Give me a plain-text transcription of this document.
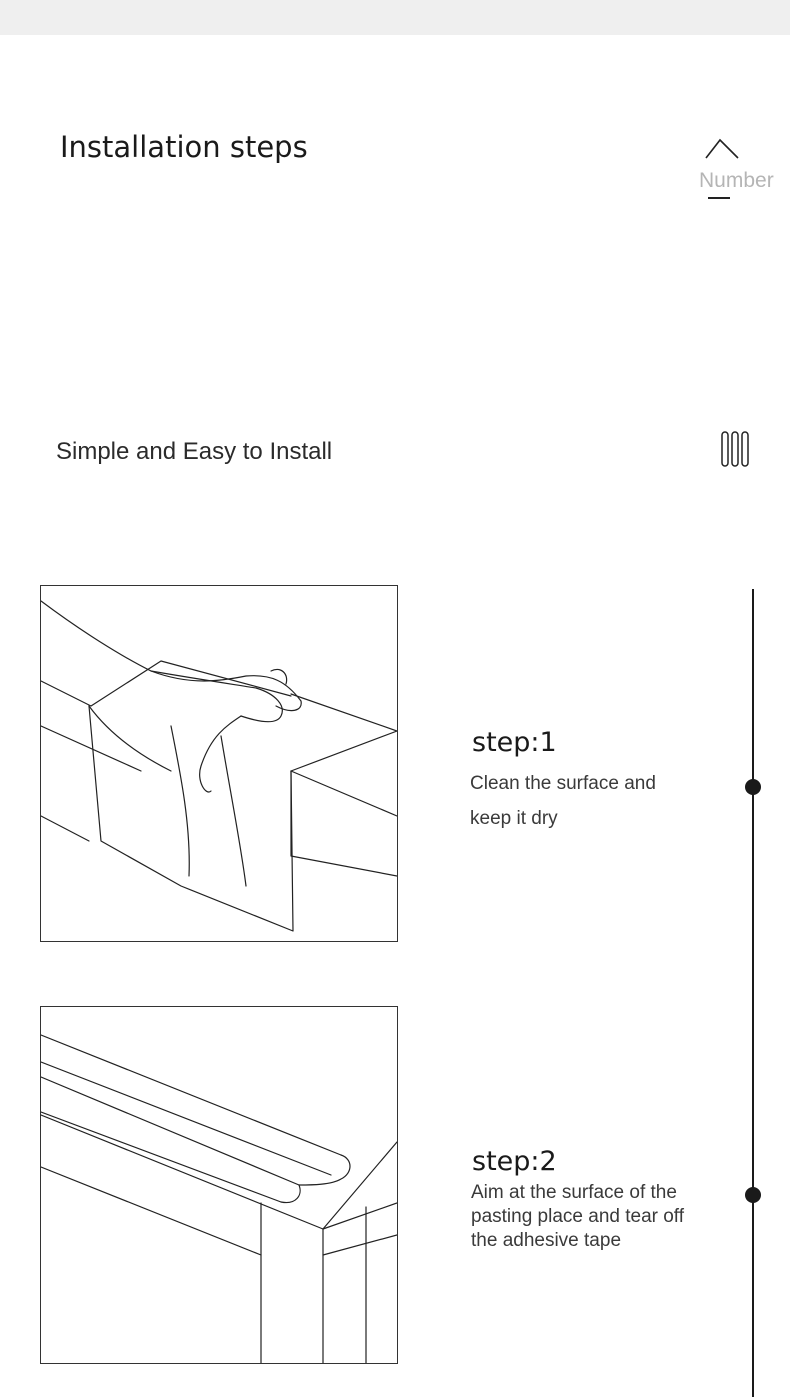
Installation steps
Number
Simple and Easy to Install
step:1
Clean the surface and keep it dry
step:2
Aim at the surface of the pasting place and tear off the adhesive tape
